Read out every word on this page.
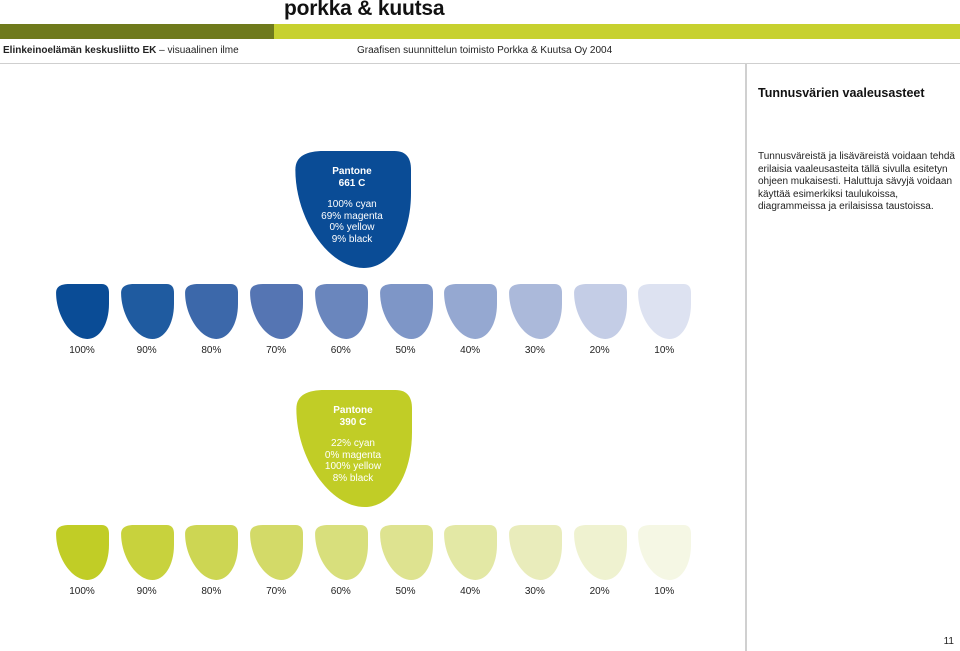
porkka & kuutsa
Elinkeinoelämän keskusliitto EK – visuaalinen ilme	Graafisen suunnittelun toimisto Porkka & Kuutsa Oy 2004
Tunnusvärien vaaleusasteet

Tunnusväreistä ja lisäväreistä voidaan tehdä erilaisia vaaleusasteita tällä sivulla esitetyn ohjeen mukaisesti. Haluttuja sävyjä voidaan käyttää esimerkiksi taulukoissa, diagrammeissa ja erilaisissa taustoissa.

Pantone
661 C
100% cyan
69% magenta
0% yellow
9% black
100%	90%	80%	70%	60%	50%	40%	30%	20%	10%
Pantone
390 C
22% cyan
0% magenta
100% yellow
8% black
100%	90%	80%	70%	60%	50%	40%	30%	20%	10%
11
